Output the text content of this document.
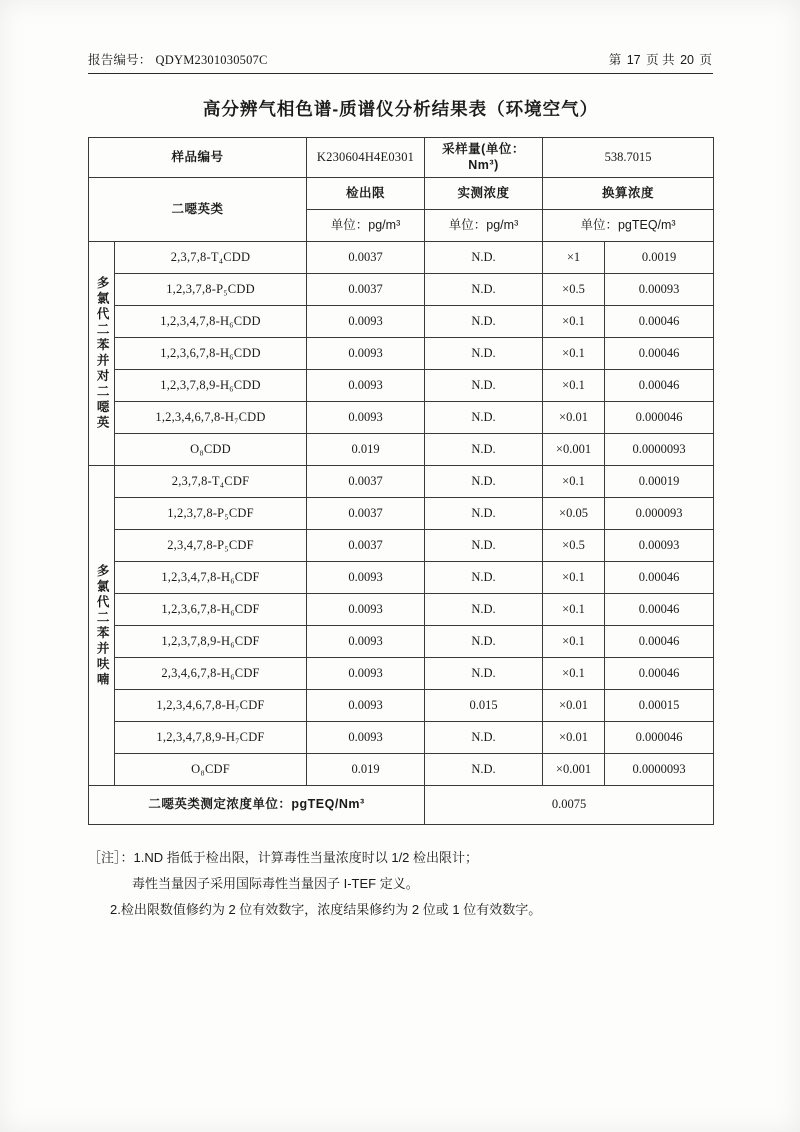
报告编号： QDYM2301030507C	第 17 页 共 20 页
高分辨气相色谱-质谱仪分析结果表（环境空气）
样品编号		K230604H4E0301	采样量(单位：Nm³)	538.7015	
二噁英类		检出限	实测浓度	换算浓度	
		单位：pg/m³	单位：pg/m³	单位：pgTEQ/m³	

多氯代二苯并对二噁英	2,3,7,8-T₄CDD	0.0037	N.D.	×1	0.0019
	1,2,3,7,8-P₅CDD	0.0037	N.D.	×0.5	0.00093
	1,2,3,4,7,8-H₆CDD	0.0093	N.D.	×0.1	0.00046
	1,2,3,6,7,8-H₆CDD	0.0093	N.D.	×0.1	0.00046
	1,2,3,7,8,9-H₆CDD	0.0093	N.D.	×0.1	0.00046
	1,2,3,4,6,7,8-H₇CDD	0.0093	N.D.	×0.01	0.000046
	O₈CDD	0.019	N.D.	×0.001	0.0000093

多氯代二苯并呋喃	2,3,7,8-T₄CDF	0.0037	N.D.	×0.1	0.00019
	1,2,3,7,8-P₅CDF	0.0037	N.D.	×0.05	0.000093
	2,3,4,7,8-P₅CDF	0.0037	N.D.	×0.5	0.00093
	1,2,3,4,7,8-H₆CDF	0.0093	N.D.	×0.1	0.00046
	1,2,3,6,7,8-H₆CDF	0.0093	N.D.	×0.1	0.00046
	1,2,3,7,8,9-H₆CDF	0.0093	N.D.	×0.1	0.00046
	2,3,4,6,7,8-H₆CDF	0.0093	N.D.	×0.1	0.00046
	1,2,3,4,6,7,8-H₇CDF	0.0093	0.015	×0.01	0.00015
	1,2,3,4,7,8,9-H₇CDF	0.0093	N.D.	×0.01	0.000046
	O₈CDF	0.019	N.D.	×0.001	0.0000093
二噁英类测定浓度单位：pgTEQ/Nm³			0.0075		
［注］：1.ND 指低于检出限，计算毒性当量浓度时以 1/2 检出限计；
毒性当量因子采用国际毒性当量因子 I-TEF 定义。
2.检出限数值修约为 2 位有效数字，浓度结果修约为 2 位或 1 位有效数字。
